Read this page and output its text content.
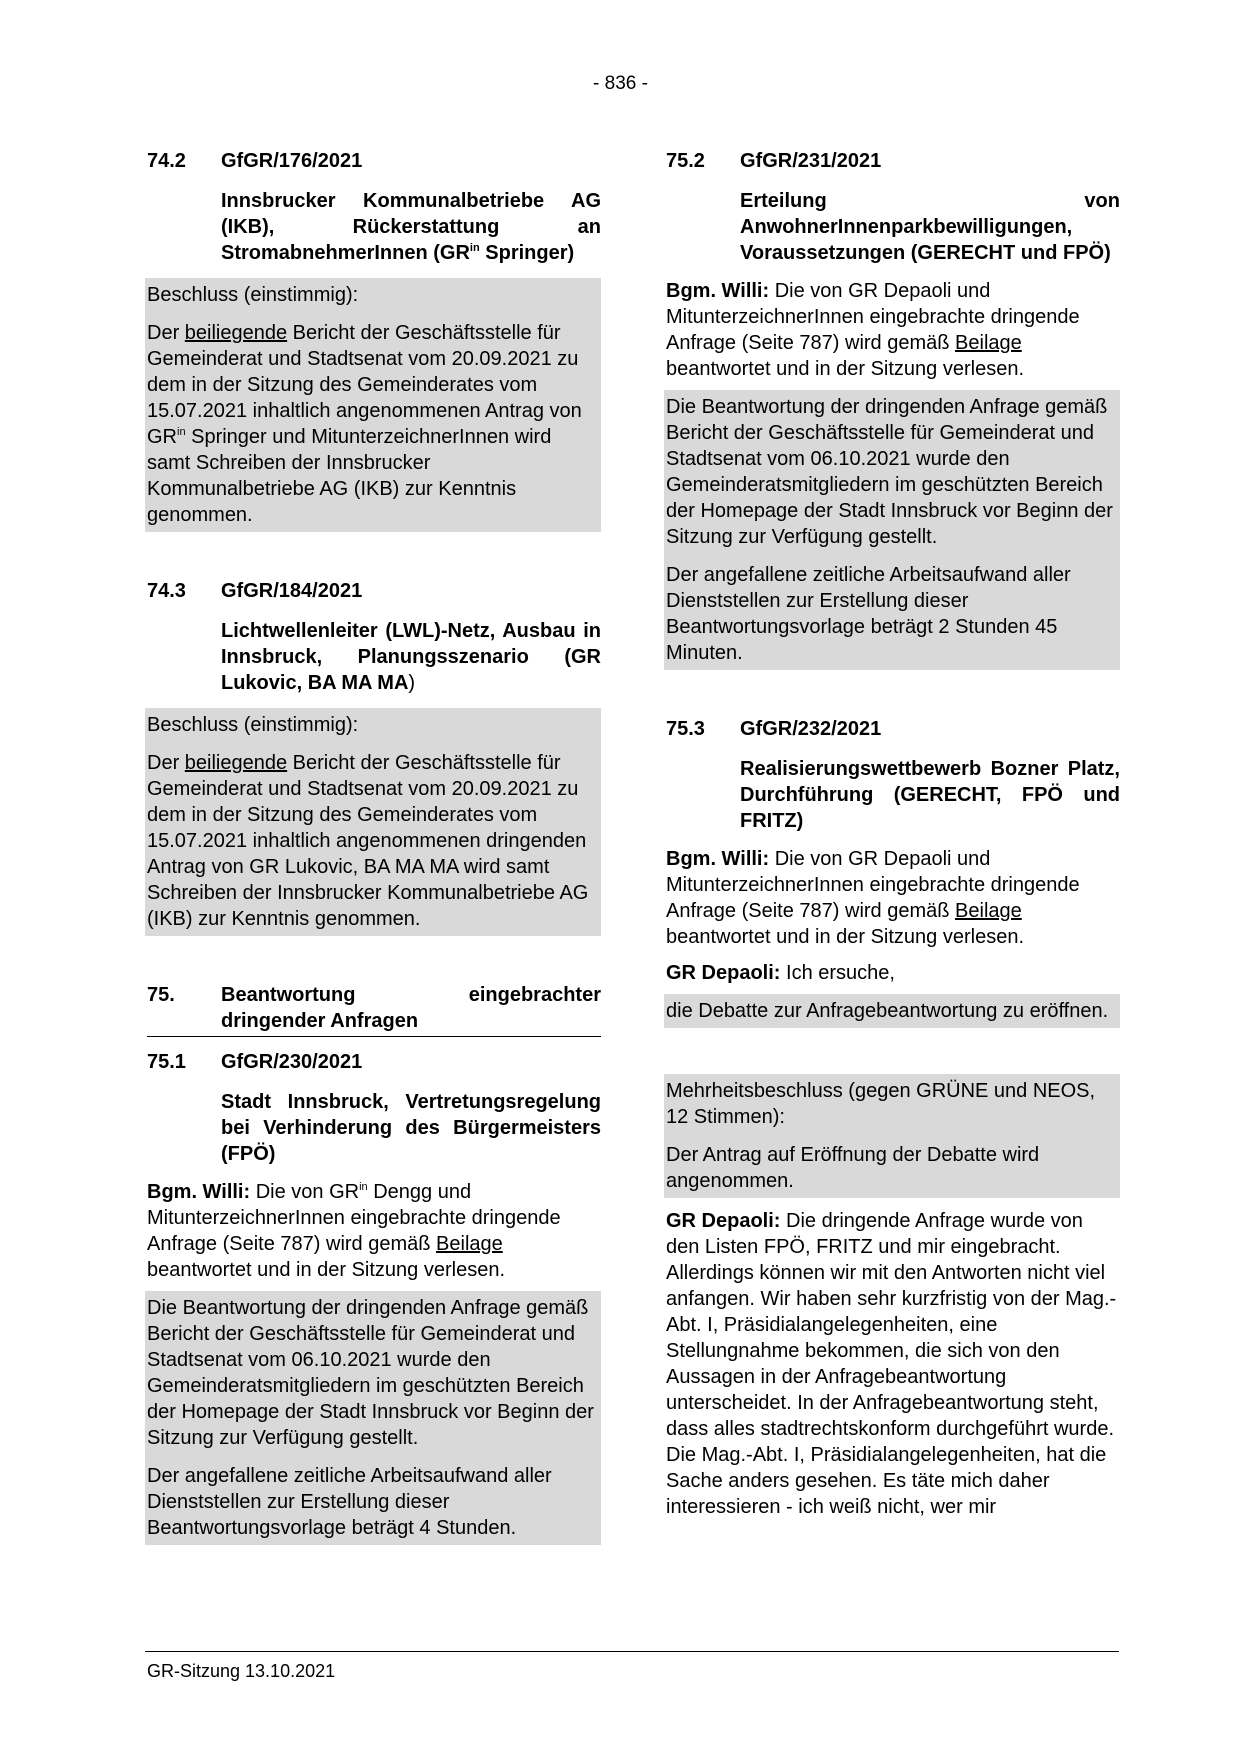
- 836 -
74.2	GfGR/176/2021
Innsbrucker Kommunalbetriebe AG (IKB), Rückerstattung an StromabnehmerInnen ($GR^{in}$ Springer)

Beschluss (einstimmig):

Der beiliegende Bericht der Geschäftsstelle für Gemeinderat und Stadtsenat vom 20.09.2021 zu dem in der Sitzung des Gemeinderates vom 15.07.2021 inhaltlich angenommenen Antrag von $GR^{in}$ Springer und MitunterzeichnerInnen wird samt Schreiben der Innsbrucker Kommunalbetriebe AG (IKB) zur Kenntnis genommen.

74.3	GfGR/184/2021
Lichtwellenleiter (LWL)-Netz, Ausbau in Innsbruck, Planungsszenario (GR Lukovic, BA MA MA)

Beschluss (einstimmig):

Der beiliegende Bericht der Geschäftsstelle für Gemeinderat und Stadtsenat vom 20.09.2021 zu dem in der Sitzung des Gemeinderates vom 15.07.2021 inhaltlich angenommenen dringenden Antrag von GR Lukovic, BA MA MA wird samt Schreiben der Innsbrucker Kommunalbetriebe AG (IKB) zur Kenntnis genommen.

75.	Beantwortung eingebrachter dringender Anfragen
75.1	GfGR/230/2021
Stadt Innsbruck, Vertretungsregelung bei Verhinderung des Bürgermeisters (FPÖ)

Bgm. Willi: Die von $GR^{in}$ Dengg und MitunterzeichnerInnen eingebrachte dringende Anfrage (Seite 787) wird gemäß Beilage beantwortet und in der Sitzung verlesen.

Die Beantwortung der dringenden Anfrage gemäß Bericht der Geschäftsstelle für Gemeinderat und Stadtsenat vom 06.10.2021 wurde den Gemeinderatsmitgliedern im geschützten Bereich der Homepage der Stadt Innsbruck vor Beginn der Sitzung zur Verfügung gestellt.

Der angefallene zeitliche Arbeitsaufwand aller Dienststellen zur Erstellung dieser Beantwortungsvorlage beträgt 4 Stunden.

75.2	GfGR/231/2021
Erteilung von AnwohnerInnenparkbewilligungen, Voraussetzungen (GERECHT und FPÖ)

Bgm. Willi: Die von GR Depaoli und MitunterzeichnerInnen eingebrachte dringende Anfrage (Seite 787) wird gemäß Beilage beantwortet und in der Sitzung verlesen.

Die Beantwortung der dringenden Anfrage gemäß Bericht der Geschäftsstelle für Gemeinderat und Stadtsenat vom 06.10.2021 wurde den Gemeinderatsmitgliedern im geschützten Bereich der Homepage der Stadt Innsbruck vor Beginn der Sitzung zur Verfügung gestellt.

Der angefallene zeitliche Arbeitsaufwand aller Dienststellen zur Erstellung dieser Beantwortungsvorlage beträgt 2 Stunden 45 Minuten.

75.3	GfGR/232/2021
Realisierungswettbewerb Bozner Platz, Durchführung (GERECHT, FPÖ und FRITZ)

Bgm. Willi: Die von GR Depaoli und MitunterzeichnerInnen eingebrachte dringende Anfrage (Seite 787) wird gemäß Beilage beantwortet und in der Sitzung verlesen.

GR Depaoli: Ich ersuche,

die Debatte zur Anfragebeantwortung zu eröffnen.

Mehrheitsbeschluss (gegen GRÜNE und NEOS, 12 Stimmen):

Der Antrag auf Eröffnung der Debatte wird angenommen.

GR Depaoli: Die dringende Anfrage wurde von den Listen FPÖ, FRITZ und mir eingebracht. Allerdings können wir mit den Antworten nicht viel anfangen. Wir haben sehr kurzfristig von der Mag.-Abt. I, Präsidialangelegenheiten, eine Stellungnahme bekommen, die sich von den Aussagen in der Anfragebeantwortung unterscheidet. In der Anfragebeantwortung steht, dass alles stadtrechtskonform durchgeführt wurde. Die Mag.-Abt. I, Präsidialangelegenheiten, hat die Sache anders gesehen. Es täte mich daher interessieren - ich weiß nicht, wer mir

GR-Sitzung 13.10.2021
